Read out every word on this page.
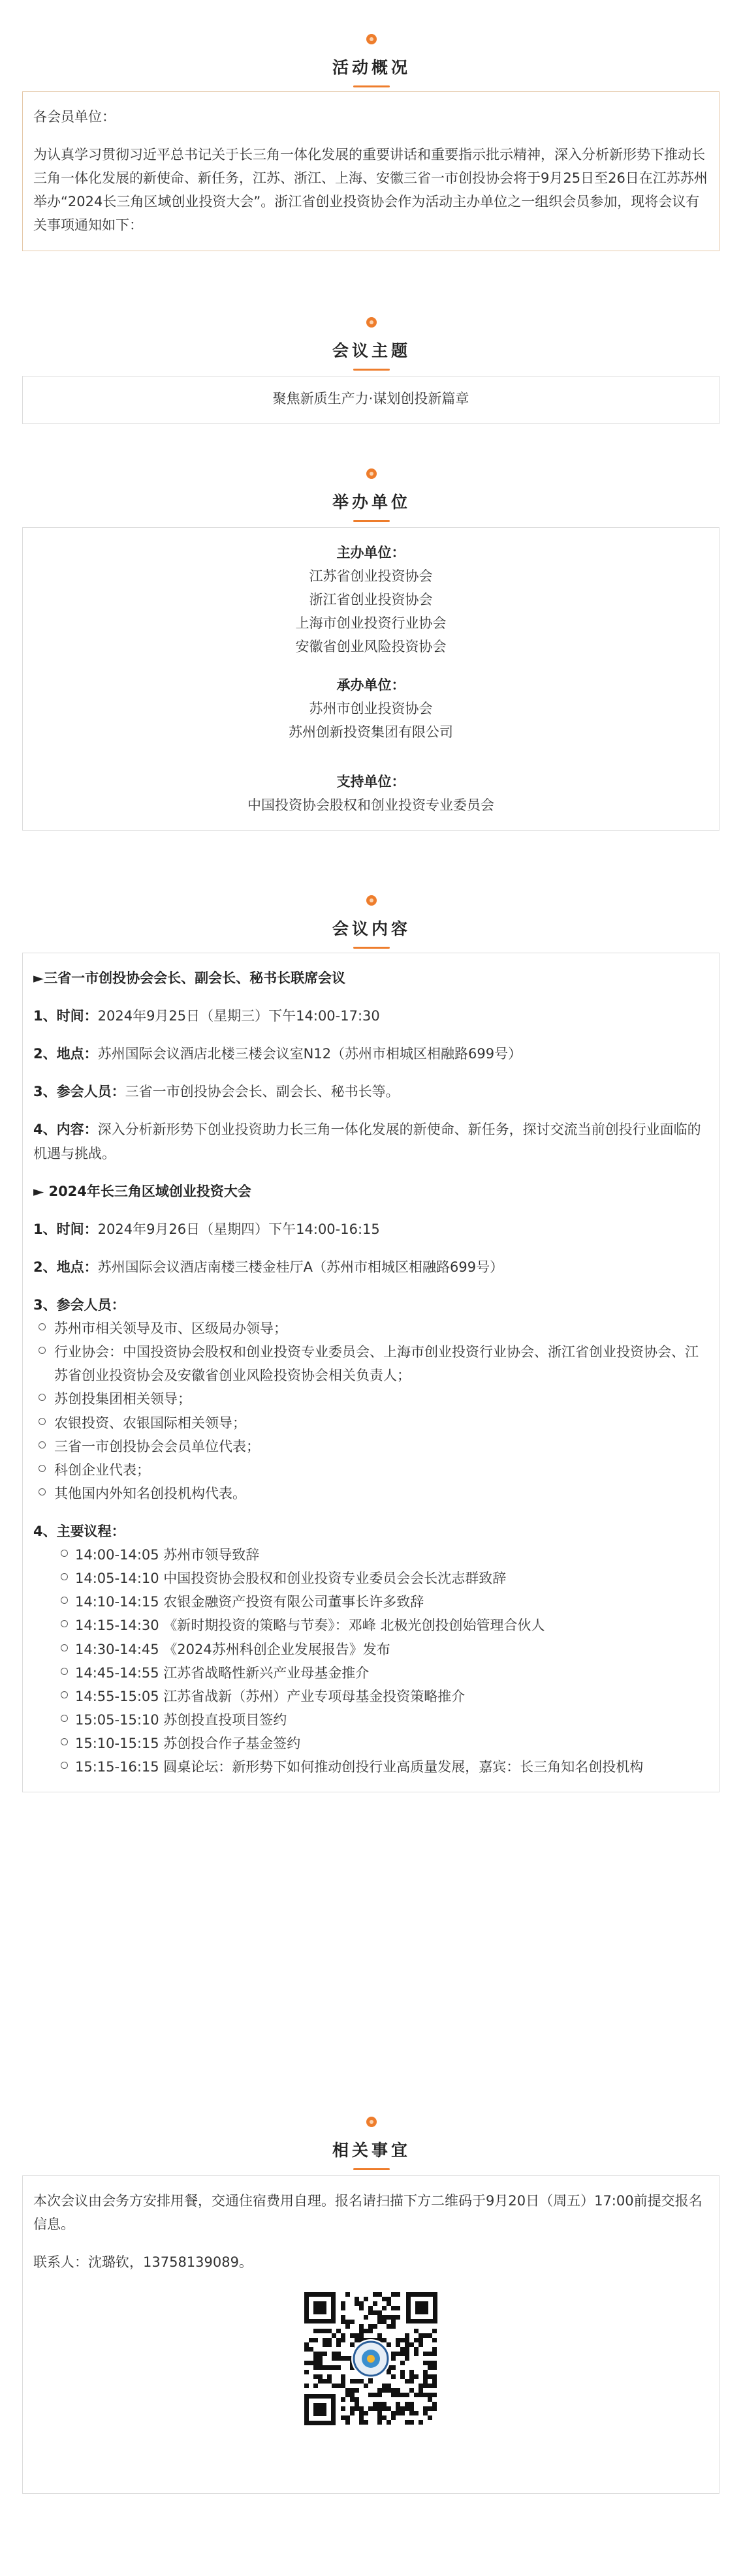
活动概况

各会员单位：

为认真学习贯彻习近平总书记关于长三角一体化发展的重要讲话和重要指示批示精神，深入分析新形势下推动长三角一体化发展的新使命、新任务，江苏、浙江、上海、安徽三省一市创投协会将于9月25日至26日在江苏苏州举办“2024长三角区域创业投资大会”。浙江省创业投资协会作为活动主办单位之一组织会员参加，现将会议有关事项通知如下：

会议主题

聚焦新质生产力·谋划创投新篇章

举办单位

主办单位：

江苏省创业投资协会

浙江省创业投资协会

上海市创业投资行业协会

安徽省创业风险投资协会

承办单位：

苏州市创业投资协会

苏州创新投资集团有限公司

支持单位：

中国投资协会股权和创业投资专业委员会

会议内容

►三省一市创投协会会长、副会长、秘书长联席会议

1、时间：2024年9月25日（星期三）下午14:00-17:30

2、地点：苏州国际会议酒店北楼三楼会议室N12（苏州市相城区相融路699号）

3、参会人员：三省一市创投协会会长、副会长、秘书长等。

4、内容：深入分析新形势下创业投资助力长三角一体化发展的新使命、新任务，探讨交流当前创投行业面临的机遇与挑战。

► 2024年长三角区域创业投资大会

1、时间：2024年9月26日（星期四）下午14:00-16:15

2、地点：苏州国际会议酒店南楼三楼金桂厅A（苏州市相城区相融路699号）

3、参会人员：

苏州市相关领导及市、区级局办领导；
行业协会：中国投资协会股权和创业投资专业委员会、上海市创业投资行业协会、浙江省创业投资协会、江苏省创业投资协会及安徽省创业风险投资协会相关负责人；
苏创投集团相关领导；
农银投资、农银国际相关领导；
三省一市创投协会会员单位代表；
科创企业代表；
其他国内外知名创投机构代表。

4、主要议程：

14:00-14:05 苏州市领导致辞
14:05-14:10 中国投资协会股权和创业投资专业委员会会长沈志群致辞
14:10-14:15 农银金融资产投资有限公司董事长许多致辞
14:15-14:30 《新时期投资的策略与节奏》：邓峰 北极光创投创始管理合伙人
14:30-14:45 《2024苏州科创企业发展报告》发布
14:45-14:55 江苏省战略性新兴产业母基金推介
14:55-15:05 江苏省战新（苏州）产业专项母基金投资策略推介
15:05-15:10 苏创投直投项目签约
15:10-15:15 苏创投合作子基金签约
15:15-16:15 圆桌论坛：新形势下如何推动创投行业高质量发展，嘉宾：长三角知名创投机构
相关事宜

本次会议由会务方安排用餐，交通住宿费用自理。报名请扫描下方二维码于9月20日（周五）17:00前提交报名信息。

联系人：沈璐钦，13758139089。
